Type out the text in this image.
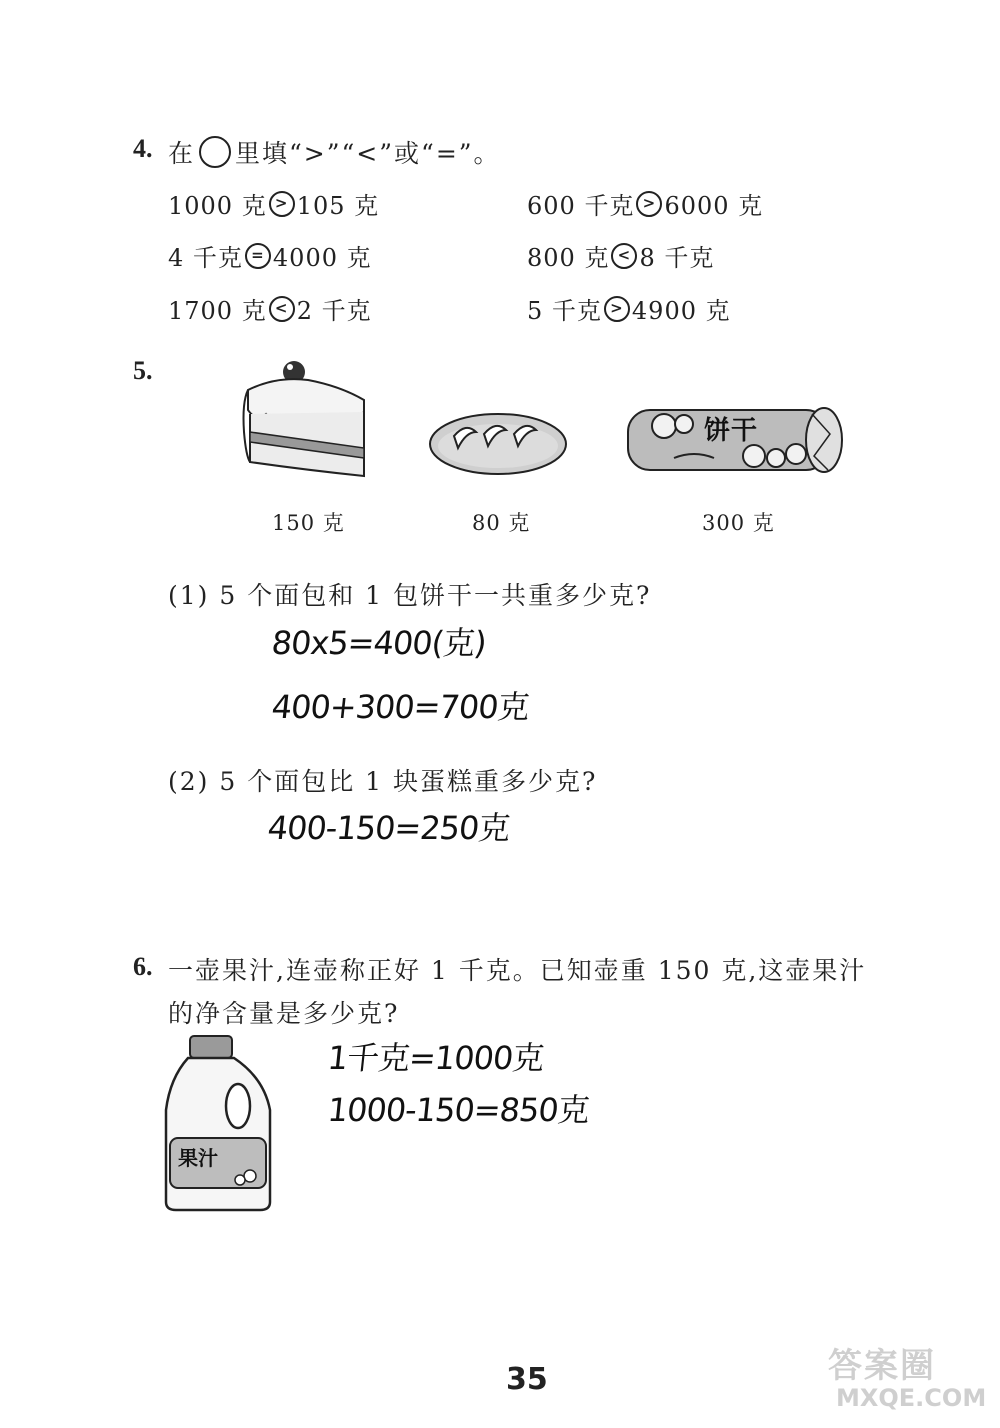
4. 在 里填“>”“<”或“=”。
1000 克 > 105 克	600 千克 > 6000 克
4 千克 = 4000 克	800 克 < 8 千克
1700 克 < 2 千克	5 千克 > 4900 克
5.
饼干
150 克	80 克	300 克
(1) 5 个面包和 1 包饼干一共重多少克?
80x5=400(克)
400+300=700克
(2) 5 个面包比 1 块蛋糕重多少克?
400-150=250克
6. 一壶果汁,连壶称正好 1 千克。已知壶重 150 克,这壶果汁
的净含量是多少克?
果汁
1千克=1000克
1000-150=850克
35	答案圈
MXQE.COM
